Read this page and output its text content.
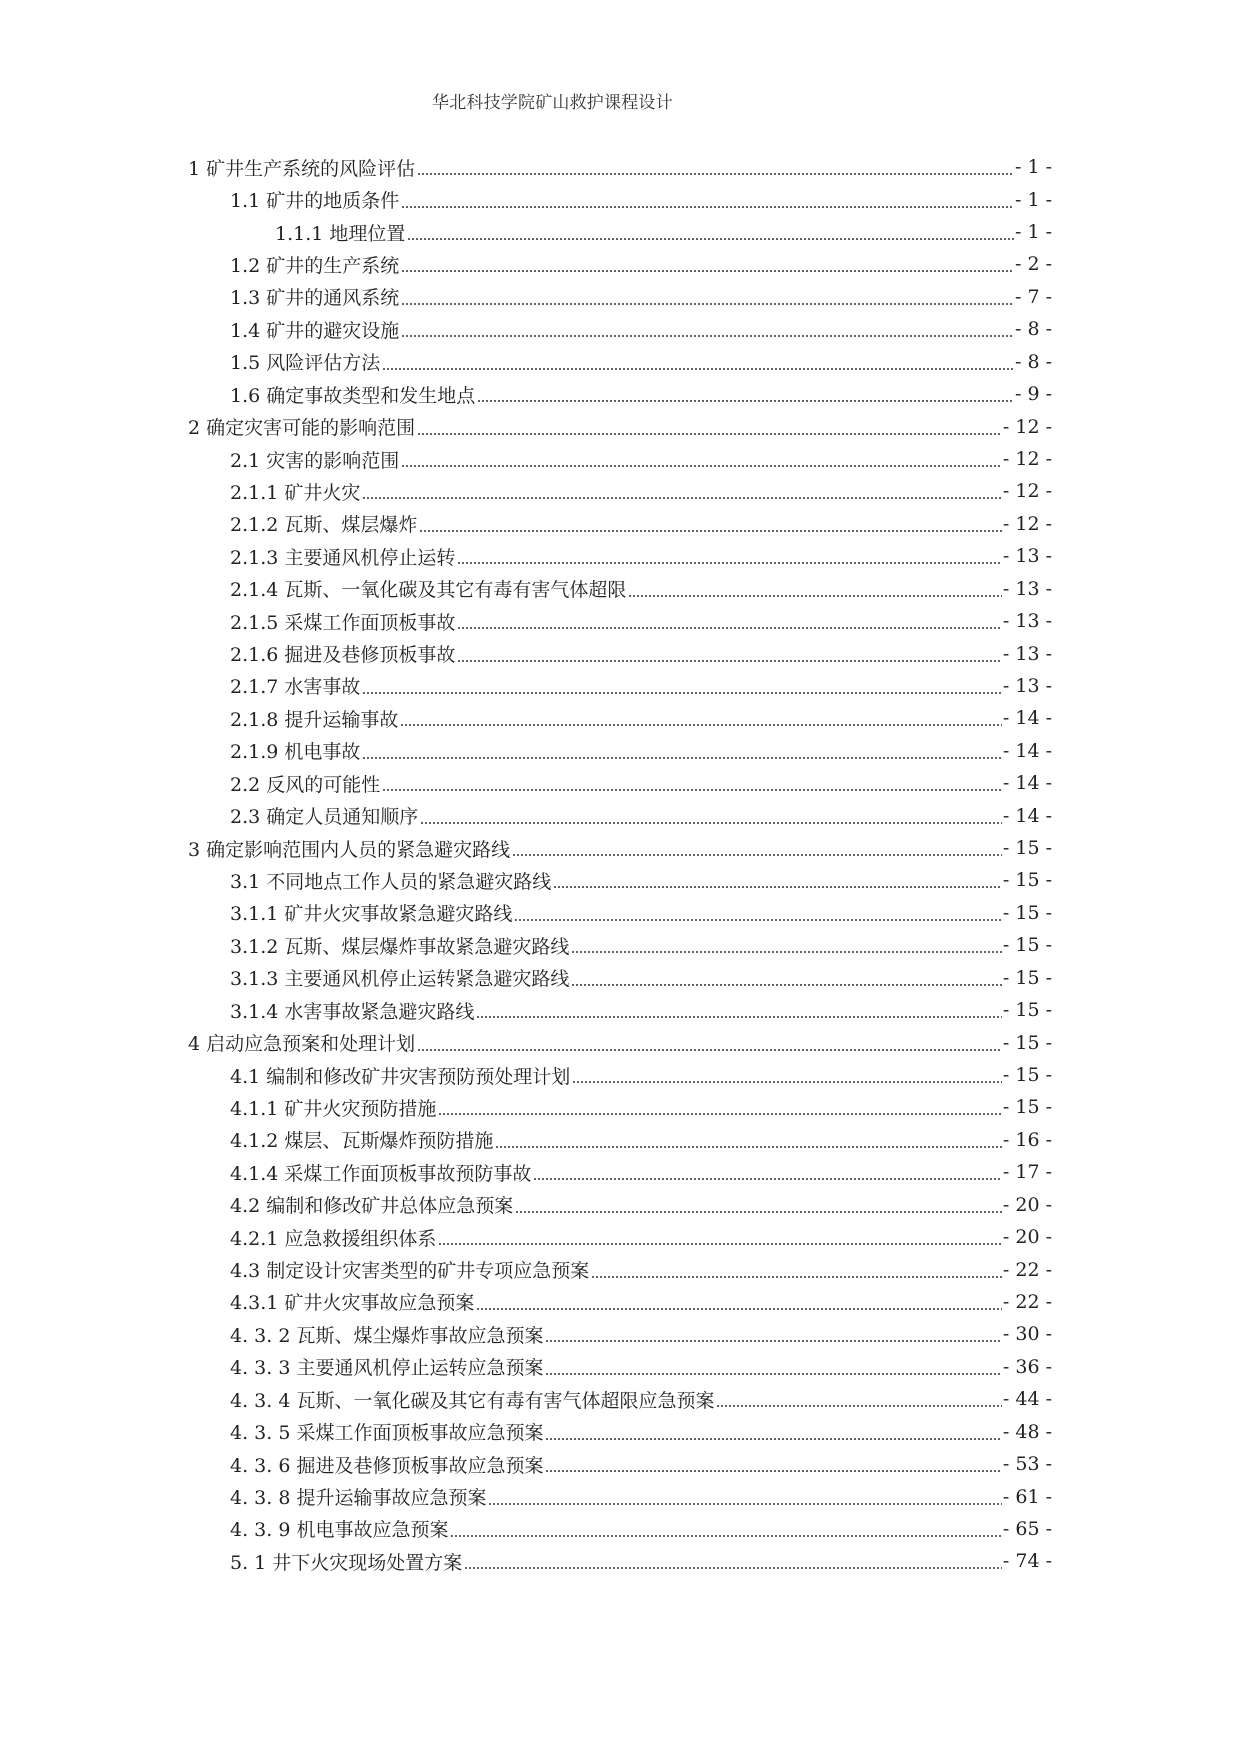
华北科技学院矿山救护课程设计
1 矿井生产系统的风险评估	- 1 -
1.1 矿井的地质条件	- 1 -
1.1.1 地理位置	- 1 -
1.2 矿井的生产系统	- 2 -
1.3 矿井的通风系统	- 7 -
1.4 矿井的避灾设施	- 8 -
1.5 风险评估方法	- 8 -
1.6 确定事故类型和发生地点	- 9 -
2 确定灾害可能的影响范围	- 12 -
2.1 灾害的影响范围	- 12 -
2.1.1 矿井火灾	- 12 -
2.1.2 瓦斯、煤层爆炸	- 12 -
2.1.3 主要通风机停止运转	- 13 -
2.1.4 瓦斯、一氧化碳及其它有毒有害气体超限	- 13 -
2.1.5 采煤工作面顶板事故	- 13 -
2.1.6 掘进及巷修顶板事故	- 13 -
2.1.7 水害事故	- 13 -
2.1.8 提升运输事故	- 14 -
2.1.9 机电事故	- 14 -
2.2 反风的可能性	- 14 -
2.3 确定人员通知顺序	- 14 -
3 确定影响范围内人员的紧急避灾路线	- 15 -
3.1 不同地点工作人员的紧急避灾路线	- 15 -
3.1.1 矿井火灾事故紧急避灾路线	- 15 -
3.1.2 瓦斯、煤层爆炸事故紧急避灾路线	- 15 -
3.1.3 主要通风机停止运转紧急避灾路线	- 15 -
3.1.4 水害事故紧急避灾路线	- 15 -
4 启动应急预案和处理计划	- 15 -
4.1 编制和修改矿井灾害预防预处理计划	- 15 -
4.1.1 矿井火灾预防措施	- 15 -
4.1.2 煤层、瓦斯爆炸预防措施	- 16 -
4.1.4 采煤工作面顶板事故预防事故	- 17 -
4.2 编制和修改矿井总体应急预案	- 20 -
4.2.1 应急救援组织体系	- 20 -
4.3 制定设计灾害类型的矿井专项应急预案	- 22 -
4.3.1 矿井火灾事故应急预案	- 22 -
4. 3. 2 瓦斯、煤尘爆炸事故应急预案	- 30 -
4. 3. 3 主要通风机停止运转应急预案	- 36 -
4. 3. 4 瓦斯、一氧化碳及其它有毒有害气体超限应急预案	- 44 -
4. 3. 5 采煤工作面顶板事故应急预案	- 48 -
4. 3. 6 掘进及巷修顶板事故应急预案	- 53 -
4. 3. 8 提升运输事故应急预案	- 61 -
4. 3. 9 机电事故应急预案	- 65 -
5. 1 井下火灾现场处置方案	- 74 -
